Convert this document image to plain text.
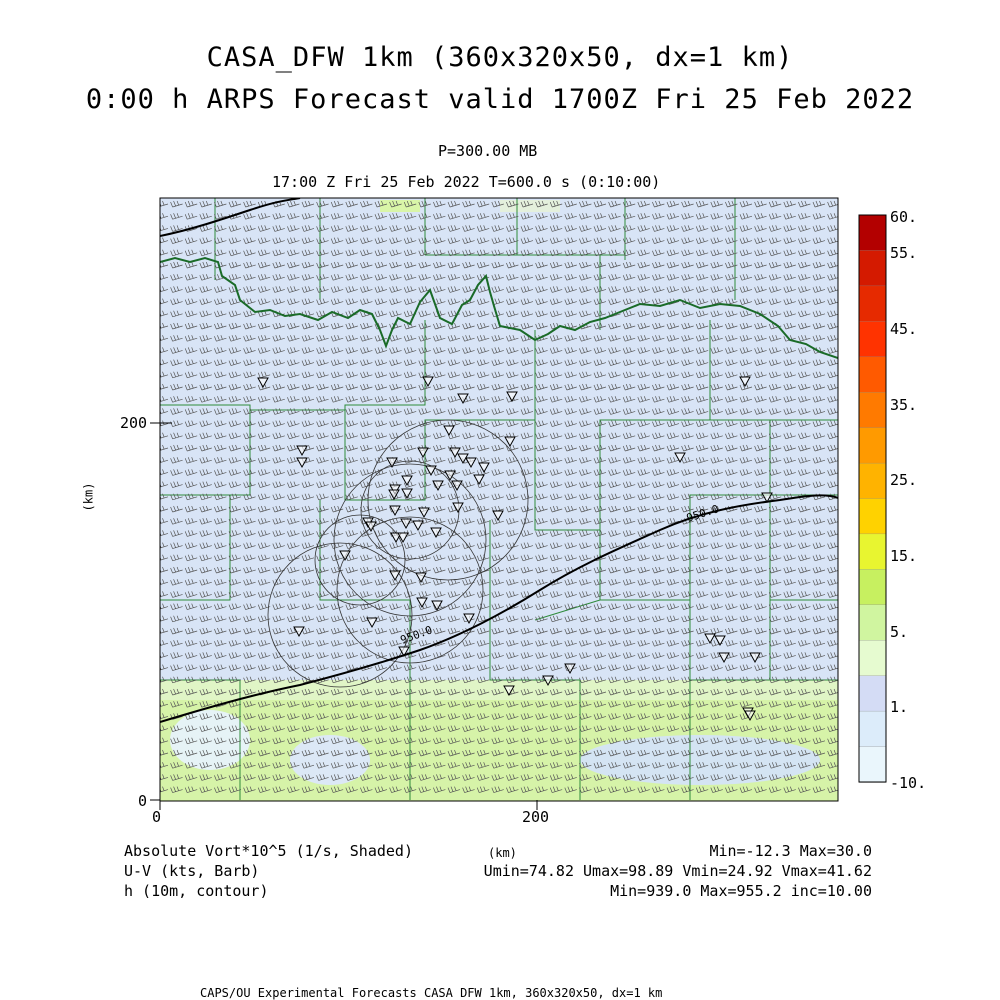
CASA_DFW 1km (360x320x50, dx=1 km)
0:00 h ARPS Forecast valid 1700Z Fri 25 Feb 2022
P=300.00 MB
17:00 Z Fri 25 Feb 2022 T=600.0 s (0:10:00)
950.0
950.0
0	200
0
200
(km)
(km)
60.
55.
45.
35.
25.
15.
5.
1.
-10.
Absolute Vort*10^5 (1/s, Shaded)	Min=-12.3 Max=30.0
U-V (kts, Barb)	Umin=74.82 Umax=98.89 Vmin=24.92 Vmax=41.62
h (10m, contour)	Min=939.0 Max=955.2 inc=10.00
CAPS/OU Experimental Forecasts CASA DFW 1km, 360x320x50, dx=1 km
